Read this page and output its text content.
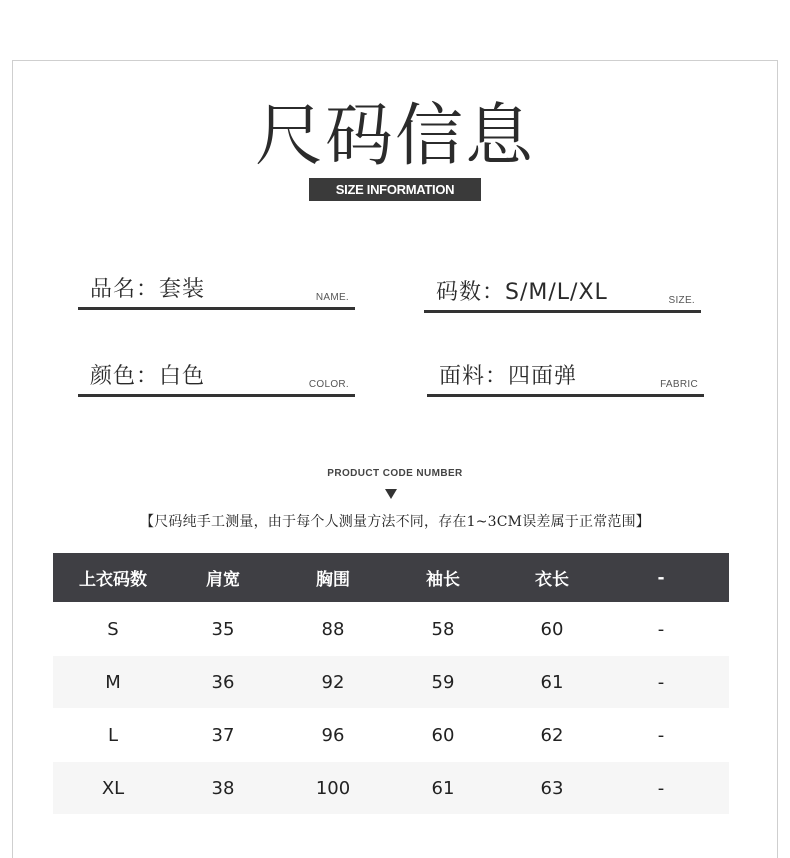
尺码信息
SIZE INFORMATION
品名：套装	NAME.	码数：S/M/L/XL	SIZE.
颜色：白色	COLOR.	面料：四面弹	FABRIC
PRODUCT CODE NUMBER
【尺码纯手工测量，由于每个人测量方法不同，存在1~3CM误差属于正常范围】
上衣码数	肩宽	胸围	袖长	衣长	-
S	35	88	58	60	-
M	36	92	59	61	-
L	37	96	60	62	-
XL	38	100	61	63	-
